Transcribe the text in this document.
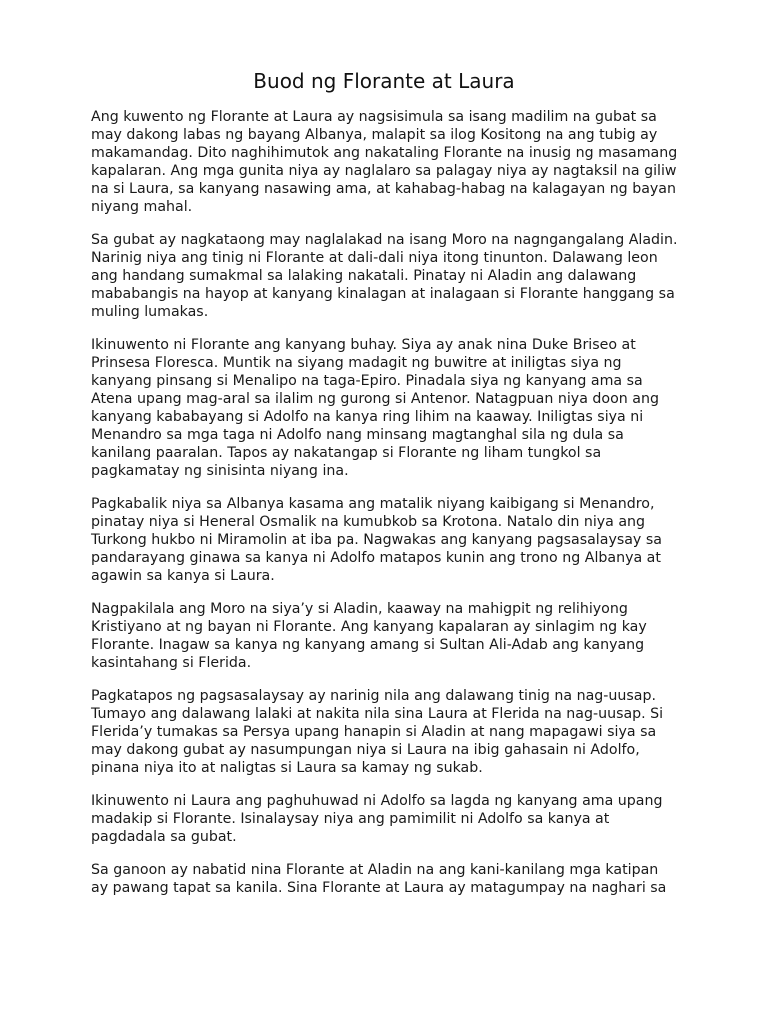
Buod ng Florante at Laura

Ang kuwento ng Florante at Laura ay nagsisimula sa isang madilim na gubat sa may dakong labas ng bayang Albanya, malapit sa ilog Kositong na ang tubig ay makamandag. Dito naghihimutok ang nakataling Florante na inusig ng masamang kapalaran. Ang mga gunita niya ay naglalaro sa palagay niya ay nagtaksil na giliw na si Laura, sa kanyang nasawing ama, at kahabag-habag na kalagayan ng bayan niyang mahal.

Sa gubat ay nagkataong may naglalakad na isang Moro na nagngangalang Aladin. Narinig niya ang tinig ni Florante at dali-dali niya itong tinunton. Dalawang leon ang handang sumakmal sa lalaking nakatali. Pinatay ni Aladin ang dalawang mababangis na hayop at kanyang kinalagan at inalagaan si Florante hanggang sa muling lumakas.

Ikinuwento ni Florante ang kanyang buhay. Siya ay anak nina Duke Briseo at Prinsesa Floresca. Muntik na siyang madagit ng buwitre at iniligtas siya ng kanyang pinsang si Menalipo na taga-Epiro. Pinadala siya ng kanyang ama sa Atena upang mag-aral sa ilalim ng gurong si Antenor. Natagpuan niya doon ang kanyang kababayang si Adolfo na kanya ring lihim na kaaway. Iniligtas siya ni Menandro sa mga taga ni Adolfo nang minsang magtanghal sila ng dula sa kanilang paaralan. Tapos ay nakatangap si Florante ng liham tungkol sa pagkamatay ng sinisinta niyang ina.

Pagkabalik niya sa Albanya kasama ang matalik niyang kaibigang si Menandro, pinatay niya si Heneral Osmalik na kumubkob sa Krotona. Natalo din niya ang Turkong hukbo ni Miramolin at iba pa. Nagwakas ang kanyang pagsasalaysay sa pandarayang ginawa sa kanya ni Adolfo matapos kunin ang trono ng Albanya at agawin sa kanya si Laura.

Nagpakilala ang Moro na siya’y si Aladin, kaaway na mahigpit ng relihiyong Kristiyano at ng bayan ni Florante. Ang kanyang kapalaran ay sinlagim ng kay Florante. Inagaw sa kanya ng kanyang amang si Sultan Ali-Adab ang kanyang kasintahang si Flerida.

Pagkatapos ng pagsasalaysay ay narinig nila ang dalawang tinig na nag-uusap. Tumayo ang dalawang lalaki at nakita nila sina Laura at Flerida na nag-uusap. Si Flerida’y tumakas sa Persya upang hanapin si Aladin at nang mapagawi siya sa may dakong gubat ay nasumpungan niya si Laura na ibig gahasain ni Adolfo, pinana niya ito at naligtas si Laura sa kamay ng sukab.

Ikinuwento ni Laura ang paghuhuwad ni Adolfo sa lagda ng kanyang ama upang madakip si Florante. Isinalaysay niya ang pamimilit ni Adolfo sa kanya at pagdadala sa gubat.

Sa ganoon ay nabatid nina Florante at Aladin na ang kani-kanilang mga katipan ay pawang tapat sa kanila. Sina Florante at Laura ay matagumpay na naghari sa
